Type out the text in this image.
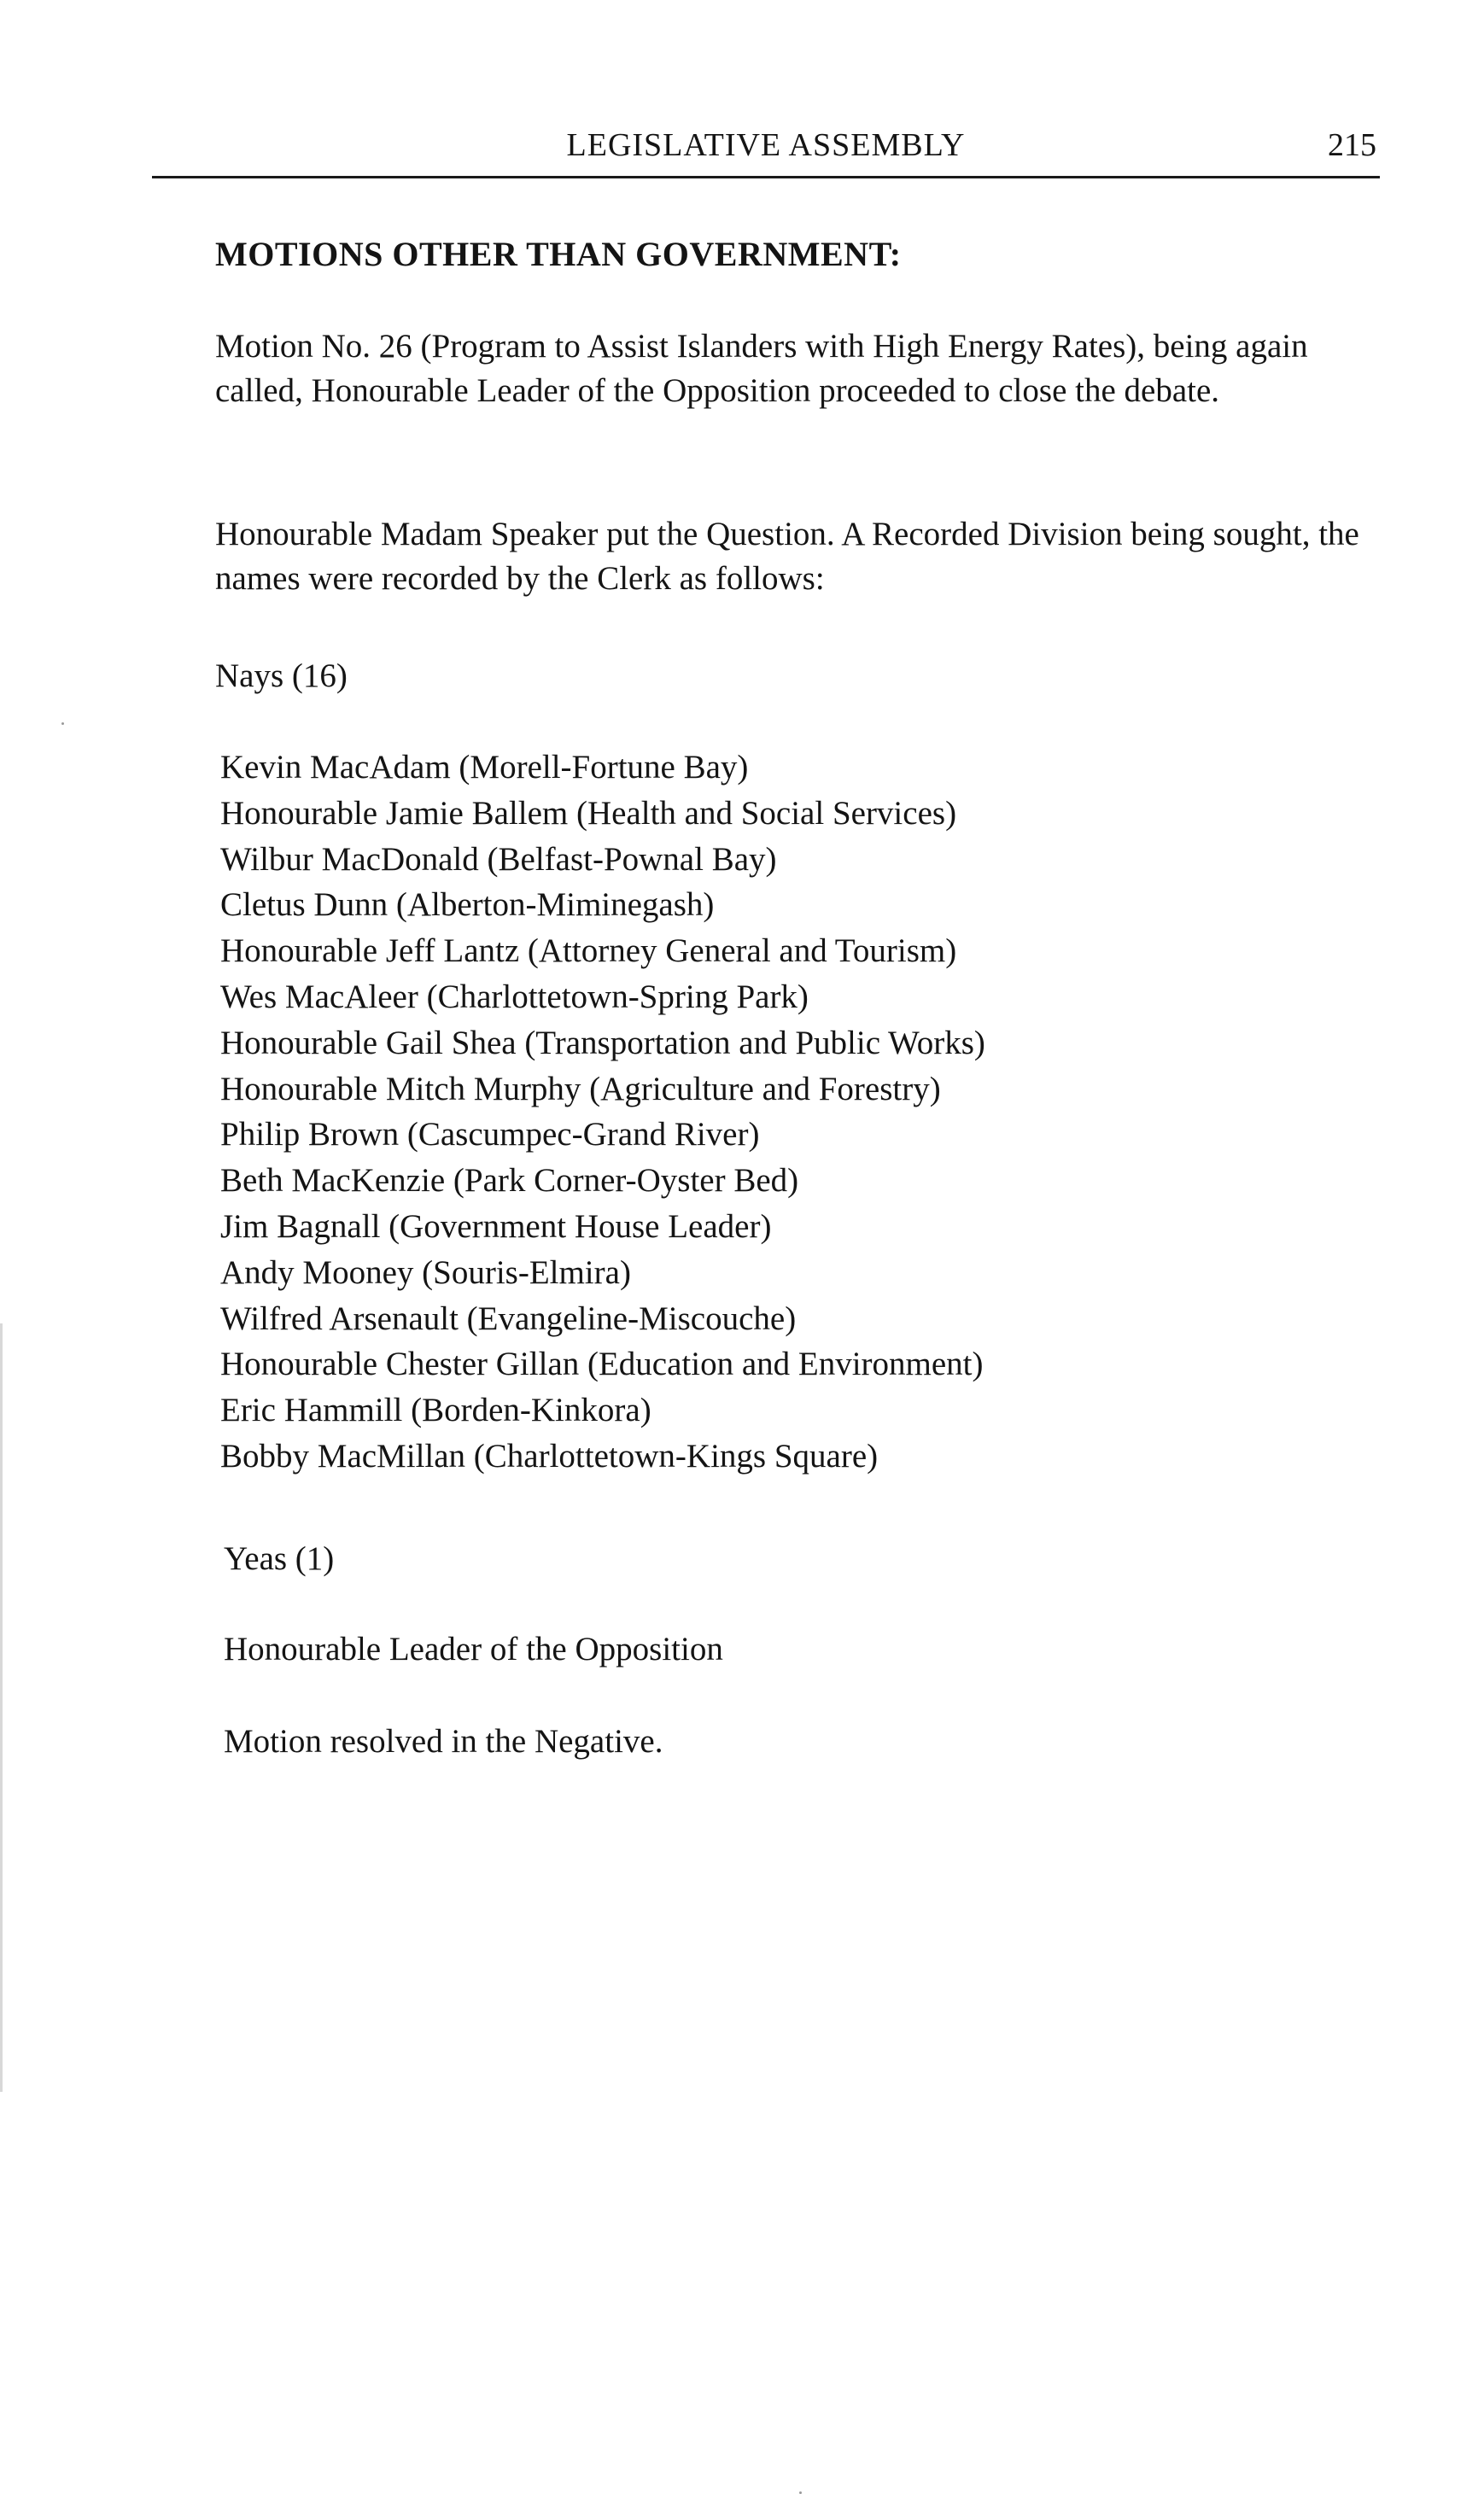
LEGISLATIVE ASSEMBLY	215
MOTIONS OTHER THAN GOVERNMENT:

Motion No. 26 (Program to Assist Islanders with High Energy Rates), being again called, Honourable Leader of the Opposition proceeded to close the debate.

Honourable Madam Speaker put the Question. A Recorded Division being sought, the names were recorded by the Clerk as follows:

Nays (16)
Kevin MacAdam (Morell-Fortune Bay)
Honourable Jamie Ballem (Health and Social Services)
Wilbur MacDonald (Belfast-Pownal Bay)
Cletus Dunn (Alberton-Miminegash)
Honourable Jeff Lantz (Attorney General and Tourism)
Wes MacAleer (Charlottetown-Spring Park)
Honourable Gail Shea (Transportation and Public Works)
Honourable Mitch Murphy (Agriculture and Forestry)
Philip Brown (Cascumpec-Grand River)
Beth MacKenzie (Park Corner-Oyster Bed)
Jim Bagnall (Government House Leader)
Andy Mooney (Souris-Elmira)
Wilfred Arsenault (Evangeline-Miscouche)
Honourable Chester Gillan (Education and Environment)
Eric Hammill (Borden-Kinkora)
Bobby MacMillan (Charlottetown-Kings Square)
Yeas (1)
Honourable Leader of the Opposition
Motion resolved in the Negative.
